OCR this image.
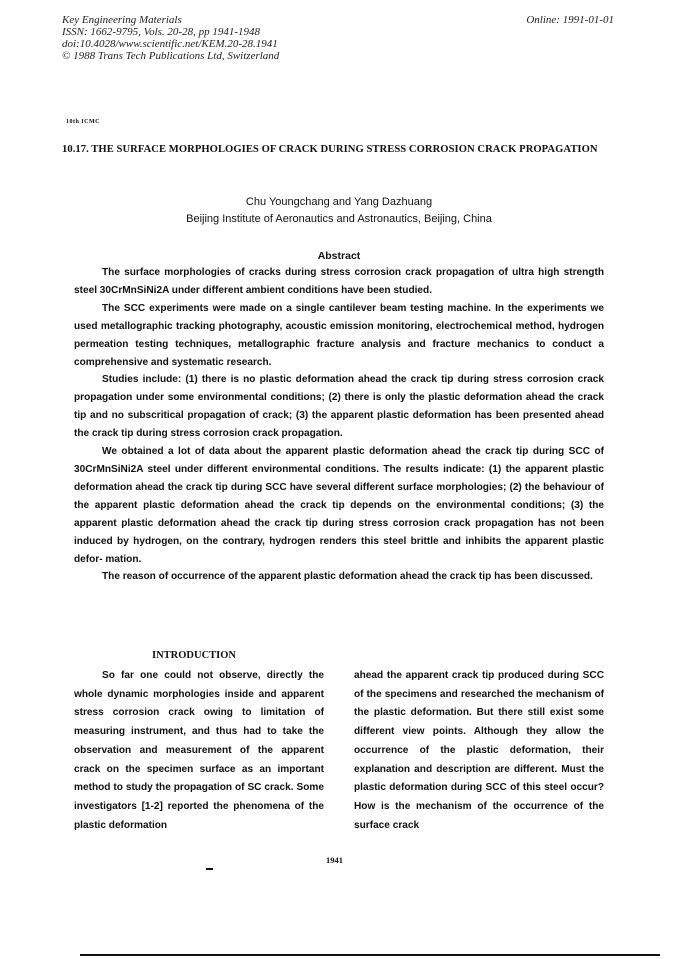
Key Engineering Materials
ISSN: 1662-9795, Vols. 20-28, pp 1941-1948
doi:10.4028/www.scientific.net/KEM.20-28.1941
© 1988 Trans Tech Publications Ltd, Switzerland
Online: 1991-01-01
10th ICMC
10.17. THE SURFACE MORPHOLOGIES OF CRACK DURING STRESS CORROSION CRACK PROPAGATION
Chu Youngchang and Yang Dazhuang
Beijing Institute of Aeronautics and Astronautics, Beijing, China
Abstract

The surface morphologies of cracks during stress corrosion crack propagation of ultra high strength steel 30CrMnSiNi2A under different ambient conditions have been studied.

The SCC experiments were made on a single cantilever beam testing machine. In the experiments we used metallographic tracking photography, acoustic emission monitoring, electrochemical method, hydrogen permeation testing techniques, metallographic fracture analysis and fracture mechanics to conduct a comprehensive and systematic research.

Studies include: (1) there is no plastic deformation ahead the crack tip during stress corrosion crack propagation under some environmental conditions; (2) there is only the plastic deformation ahead the crack tip and no subscritical propagation of crack; (3) the apparent plastic deformation has been presented ahead the crack tip during stress corrosion crack propagation.

We obtained a lot of data about the apparent plastic deformation ahead the crack tip during SCC of 30CrMnSiNi2A steel under different environmental conditions. The results indicate: (1) the apparent plastic deformation ahead the crack tip during SCC have several different surface morphologies; (2) the behaviour of the apparent plastic deformation ahead the crack tip depends on the environmental conditions; (3) the apparent plastic deformation ahead the crack tip during stress corrosion crack propagation has not been induced by hydrogen, on the contrary, hydrogen renders this steel brittle and inhibits the apparent plastic defor- mation.

The reason of occurrence of the apparent plastic deformation ahead the crack tip has been discussed.

INTRODUCTION

So far one could not observe, directly the whole dynamic morphologies inside and apparent stress corrosion crack owing to limitation of measuring instrument, and thus had to take the observation and measurement of the apparent crack on the specimen surface as an important method to study the propagation of SC crack. Some investigators [1-2] reported the phenomena of the plastic deformation

ahead the apparent crack tip produced during SCC of the specimens and researched the mechanism of the plastic deformation. But there still exist some different view points. Although they allow the occurrence of the plastic deformation, their explanation and description are different. Must the plastic deformation during SCC of this steel occur? How is the mechanism of the occurrence of the surface crack

1941
